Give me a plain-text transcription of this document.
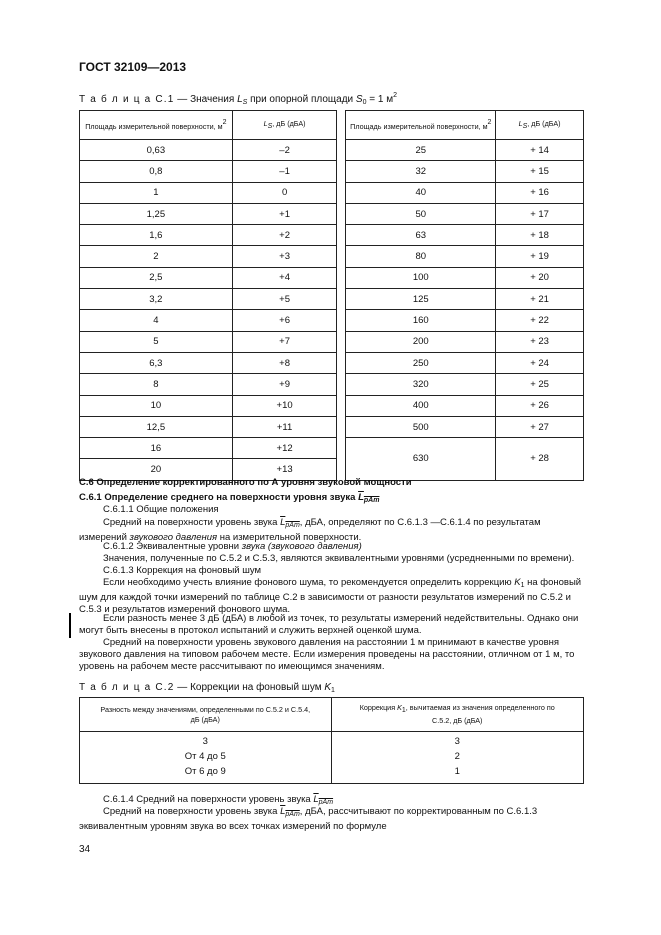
ГОСТ 32109—2013
Т а б л и ц а С.1 — Значения $L_S$ при опорной площади $S_0 = 1$ $м^2$
Площадь измерительной поверхности, $м^2$	$L_S$, дБ (дБА)		Площадь измерительной поверхности, $м^2$	$L_S$, дБ (дБА)
0,63	–2		25	+ 14
0,8	–1		32	+ 15
1	0		40	+ 16
1,25	+1		50	+ 17
1,6	+2		63	+ 18
2	+3		80	+ 19
2,5	+4		100	+ 20
3,2	+5		125	+ 21
4	+6		160	+ 22
5	+7		200	+ 23
6,3	+8		250	+ 24
8	+9		320	+ 25
10	+10		400	+ 26
12,5	+11		500	+ 27
16	+12		630	+ 28
20	+13			
С.6 Определение корректированного по А уровня звуковой мощности
С.6.1 Определение среднего на поверхности уровня звука $L_{pAm}$
С.6.1.1 Общие положения
Средний на поверхности уровень звука $L_{pAm}$, дБА, определяют по С.6.1.3 —С.6.1.4 по результатам измерений звукового давления на измерительной поверхности.
С.6.1.2 Эквивалентные уровни звука (звукового давления)
Значения, полученные по С.5.2 и С.5.3, являются эквивалентными уровнями (усредненными по времени).
С.6.1.3 Коррекция на фоновый шум
Если необходимо учесть влияние фонового шума, то рекомендуется определить коррекцию $K_1$ на фоновый шум для каждой точки измерений по таблице С.2 в зависимости от разности результатов измерений по С.5.2 и С.5.3 и результатов измерений фонового шума.
Если разность менее 3 дБ (дБА) в любой из точек, то результаты измерений недействительны. Однако они могут быть внесены в протокол испытаний и служить верхней оценкой шума.
Средний на поверхности уровень звукового давления на расстоянии 1 м принимают в качестве уровня звукового давления на типовом рабочем месте. Если измерения проведены на расстоянии, отличном от 1 м, то уровень на рабочем месте рассчитывают по имеющимся значениям.
Т а б л и ц а С.2 — Коррекции на фоновый шум $K_1$
Разность между значениями, определенными по С.5.2 и С.5.4, дБ (дБА)	Коррекция $K_1$, вычитаемая из значения определенного по С.5.2, дБ (дБА)
3	3
От 4 до 5	2
От 6 до 9	1
С.6.1.4 Средний на поверхности уровень звука $L_{pAm}$
Средний на поверхности уровень звука $L_{pAm}$, дБА, рассчитывают по корректированным по С.6.1.3 эквивалентным уровням звука во всех точках измерений по формуле
34
